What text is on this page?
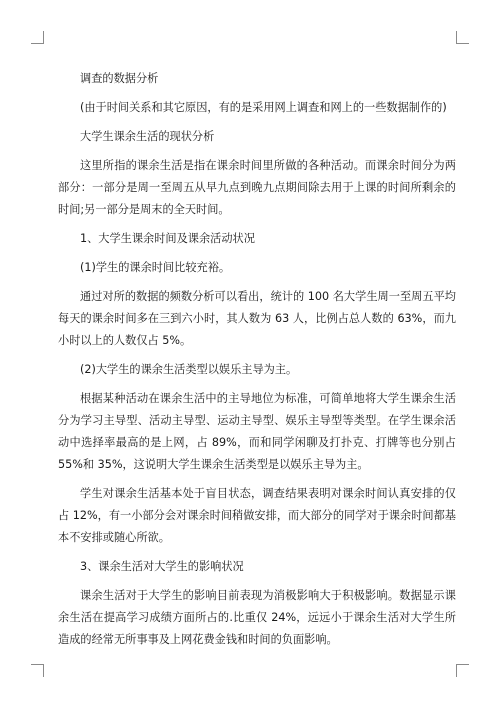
调查的数据分析

(由于时间关系和其它原因，有的是采用网上调查和网上的一些数据制作的)

大学生课余生活的现状分析

这里所指的课余生活是指在课余时间里所做的各种活动。而课余时间分为两部分：一部分是周一至周五从早九点到晚九点期间除去用于上课的时间所剩余的时间;另一部分是周末的全天时间。

1、大学生课余时间及课余活动状况

(1)学生的课余时间比较充裕。

通过对所的数据的频数分析可以看出，统计的 100 名大学生周一至周五平均每天的课余时间多在三到六小时，其人数为 63 人，比例占总人数的 63%，而九小时以上的人数仅占 5%。

(2)大学生的课余生活类型以娱乐主导为主。

根据某种活动在课余生活中的主导地位为标准，可简单地将大学生课余生活分为学习主导型、活动主导型、运动主导型、娱乐主导型等类型。在学生课余活动中选择率最高的是上网，占 89%，而和同学闲聊及打扑克、打牌等也分别占 55%和 35%，这说明大学生课余生活类型是以娱乐主导为主。

学生对课余生活基本处于盲目状态，调查结果表明对课余时间认真安排的仅占 12%，有一小部分会对课余时间稍做安排，而大部分的同学对于课余时间都基本不安排或随心所欲。

3、课余生活对大学生的影响状况

课余生活对于大学生的影响目前表现为消极影响大于积极影响。数据显示课余生活在提高学习成绩方面所占的.比重仅 24%，远远小于课余生活对大学生所造成的经常无所事事及上网花费金钱和时间的负面影响。
